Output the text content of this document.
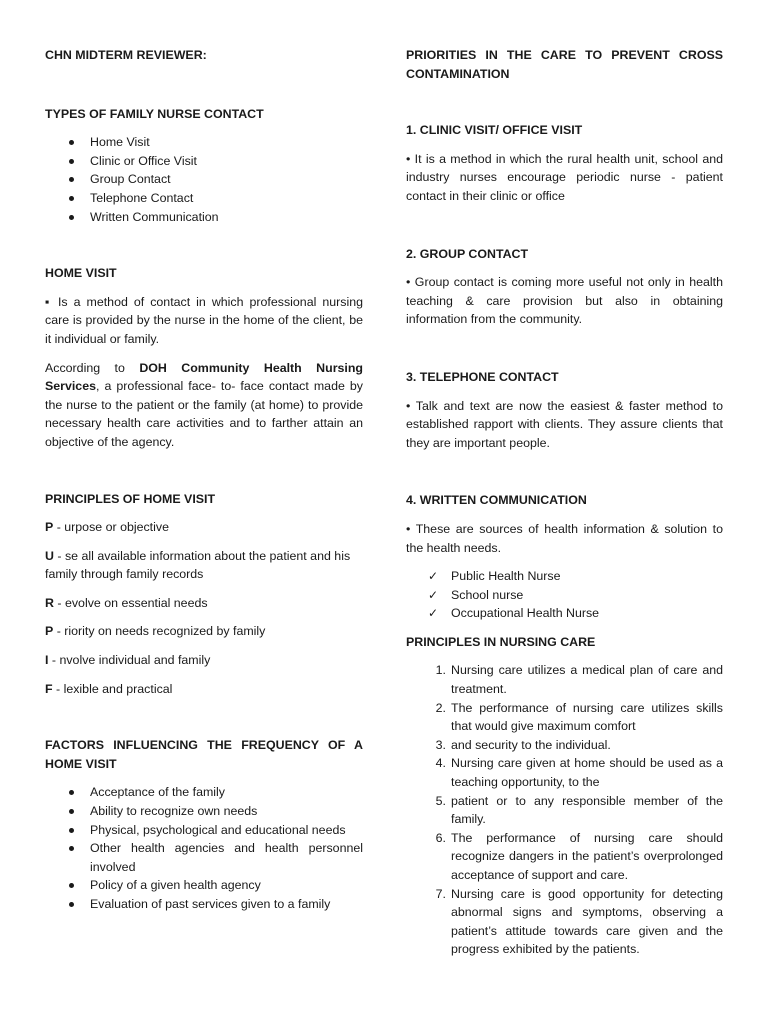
CHN MIDTERM REVIEWER:

TYPES OF FAMILY NURSE CONTACT

Home Visit
Clinic or Office Visit
Group Contact
Telephone Contact
Written Communication

HOME VISIT

▪ Is a method of contact in which professional nursing care is provided by the nurse in the home of the client, be it individual or family.

According to DOH Community Health Nursing Services, a professional face- to- face contact made by the nurse to the patient or the family (at home) to provide necessary health care activities and to farther attain an objective of the agency.

PRINCIPLES OF HOME VISIT

P - urpose or objective

U - se all available information about the patient and his family through family records

R - evolve on essential needs

P - riority on needs recognized by family

I - nvolve individual and family

F - lexible and practical

FACTORS INFLUENCING THE FREQUENCY OF A HOME VISIT

Acceptance of the family
Ability to recognize own needs
Physical, psychological and educational needs
Other health agencies and health personnel involved
Policy of a given health agency
Evaluation of past services given to a family

PRIORITIES IN THE CARE TO PREVENT CROSS CONTAMINATION

1. CLINIC VISIT/ OFFICE VISIT

• It is a method in which the rural health unit, school and industry nurses encourage periodic nurse - patient contact in their clinic or office

2. GROUP CONTACT

• Group contact is coming more useful not only in health teaching & care provision but also in obtaining information from the community.

3. TELEPHONE CONTACT

• Talk and text are now the easiest & faster method to established rapport with clients. They assure clients that they are important people.

4. WRITTEN COMMUNICATION

• These are sources of health information & solution to the health needs.

✓ Public Health Nurse
✓ School nurse
✓ Occupational Health Nurse

PRINCIPLES IN NURSING CARE

1. Nursing care utilizes a medical plan of care and treatment.
2. The performance of nursing care utilizes skills that would give maximum comfort
3. and security to the individual.
4. Nursing care given at home should be used as a teaching opportunity, to the
5. patient or to any responsible member of the family.
6. The performance of nursing care should recognize dangers in the patient’s overprolonged acceptance of support and care.
7. Nursing care is good opportunity for detecting abnormal signs and symptoms, observing a patient’s attitude towards care given and the progress exhibited by the patients.
